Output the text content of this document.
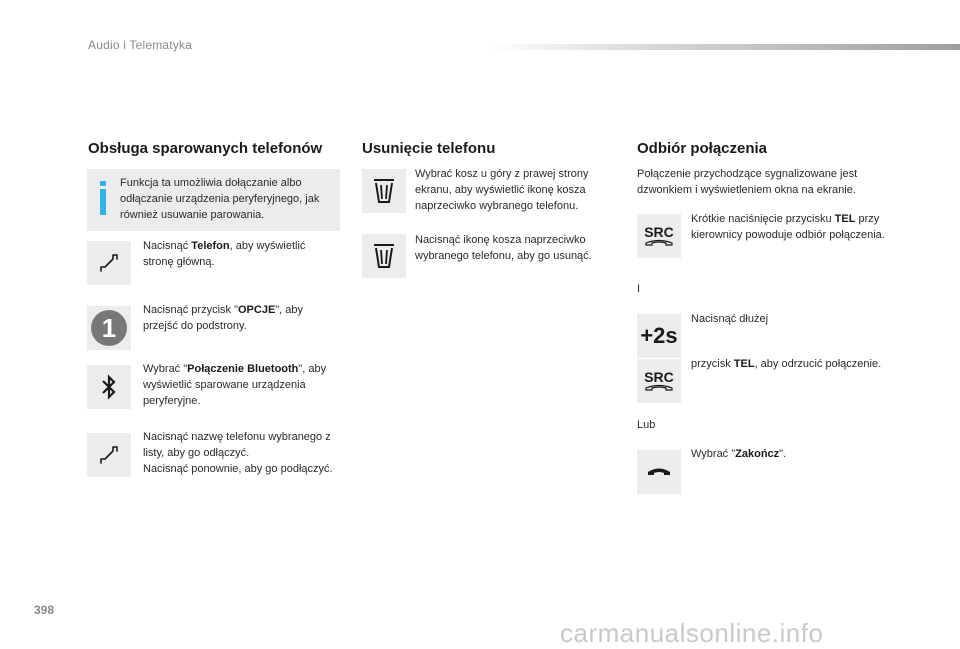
Audio i Telematyka
Obsługa sparowanych telefonów
Funkcja ta umożliwia dołączanie albo odłączanie urządzenia peryferyjnego, jak również usuwanie parowania.
Nacisnąć Telefon, aby wyświetlić stronę główną.
1
Nacisnąć przycisk "OPCJE", aby przejść do podstrony.
Wybrać "Połączenie Bluetooth", aby wyświetlić sparowane urządzenia peryferyjne.
Nacisnąć nazwę telefonu wybranego z listy, aby go odłączyć.
Nacisnąć ponownie, aby go podłączyć.
Usunięcie telefonu
Wybrać kosz u góry z prawej strony ekranu, aby wyświetlić ikonę kosza naprzeciwko wybranego telefonu.
Nacisnąć ikonę kosza naprzeciwko wybranego telefonu, aby go usunąć.
Odbiór połączenia
Połączenie przychodzące sygnalizowane jest dzwonkiem i wyświetleniem okna na ekranie.
SRC
Krótkie naciśnięcie przycisku TEL przy kierownicy powoduje odbiór połączenia.
I
+2s
Nacisnąć dłużej
SRC
przycisk TEL, aby odrzucić połączenie.
Lub
Wybrać "Zakończ".
398
carmanualsonline.info
